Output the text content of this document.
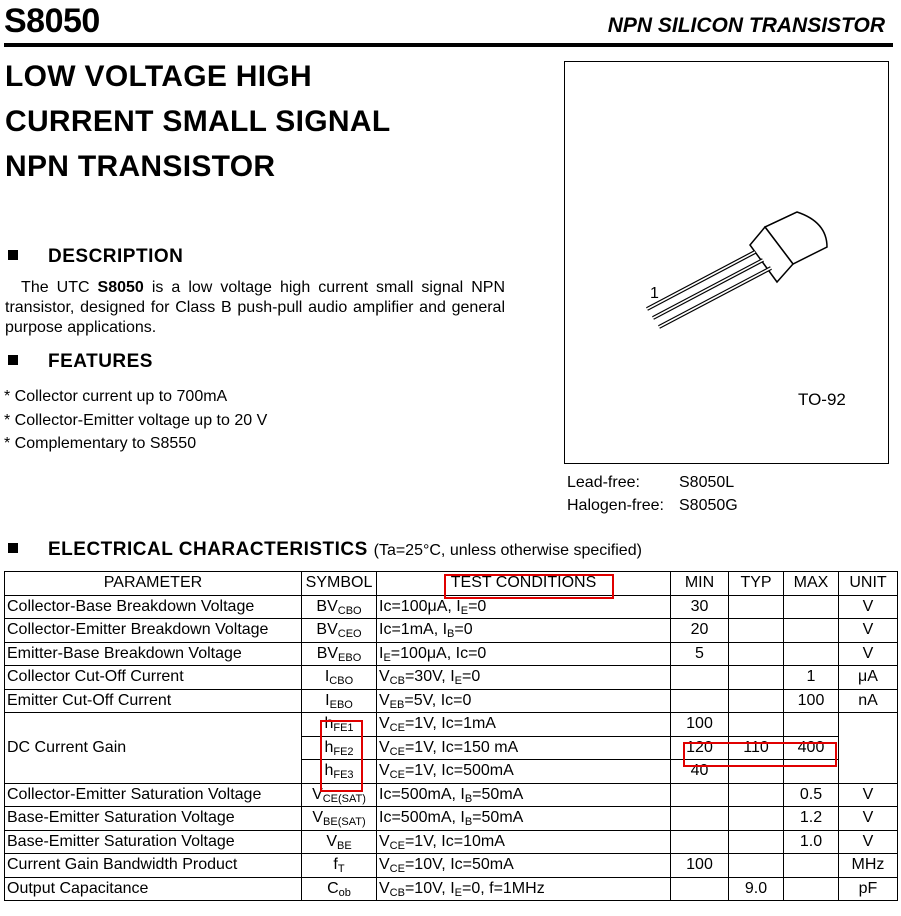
S8050	NPN SILICON TRANSISTOR
LOW VOLTAGE HIGH
CURRENT SMALL SIGNAL
NPN TRANSISTOR
DESCRIPTION
The UTC S8050 is a low voltage high current small signal NPN transistor, designed for Class B push-pull audio amplifier and general purpose applications.
FEATURES
* Collector current up to 700mA
* Collector-Emitter voltage up to 20 V
* Complementary to S8550
1
TO-92
Lead-free: S8050L
Halogen-free: S8050G
ELECTRICAL CHARACTERISTICS (Ta=25°C, unless otherwise specified)
PARAMETER	SYMBOL	TEST CONDITIONS	MIN	TYP	MAX	UNIT
Collector-Base Breakdown Voltage	$BV_{CBO}$	Ic=100μA, $I_E=0$	30			V
Collector-Emitter Breakdown Voltage	$BV_{CEO}$	Ic=1mA, $I_B=0$	20			V
Emitter-Base Breakdown Voltage	$BV_{EBO}$	$I_E=100\mu A$, Ic=0	5			V
Collector Cut-Off Current	$I_{CBO}$	$V_{CB}=30V$, $I_E=0$			1	μA
Emitter Cut-Off Current	$I_{EBO}$	$V_{EB}=5V$, Ic=0			100	nA
DC Current Gain	$h_{FE1}$	$V_{CE}=1V$, Ic=1mA	100			
	$h_{FE2}$	$V_{CE}=1V$, Ic=150 mA	120	110	400	
	$h_{FE3}$	$V_{CE}=1V$, Ic=500mA	40			
Collector-Emitter Saturation Voltage	$V_{CE(SAT)}$	Ic=500mA, $I_B=50mA$			0.5	V
Base-Emitter Saturation Voltage	$V_{BE(SAT)}$	Ic=500mA, $I_B=50mA$			1.2	V
Base-Emitter Saturation Voltage	$V_{BE}$	$V_{CE}=1V$, Ic=10mA			1.0	V
Current Gain Bandwidth Product	$f_T$	$V_{CE}=10V$, Ic=50mA	100			MHz
Output Capacitance	$C_{ob}$	$V_{CB}=10V$, $I_E=0$, f=1MHz		9.0		pF
